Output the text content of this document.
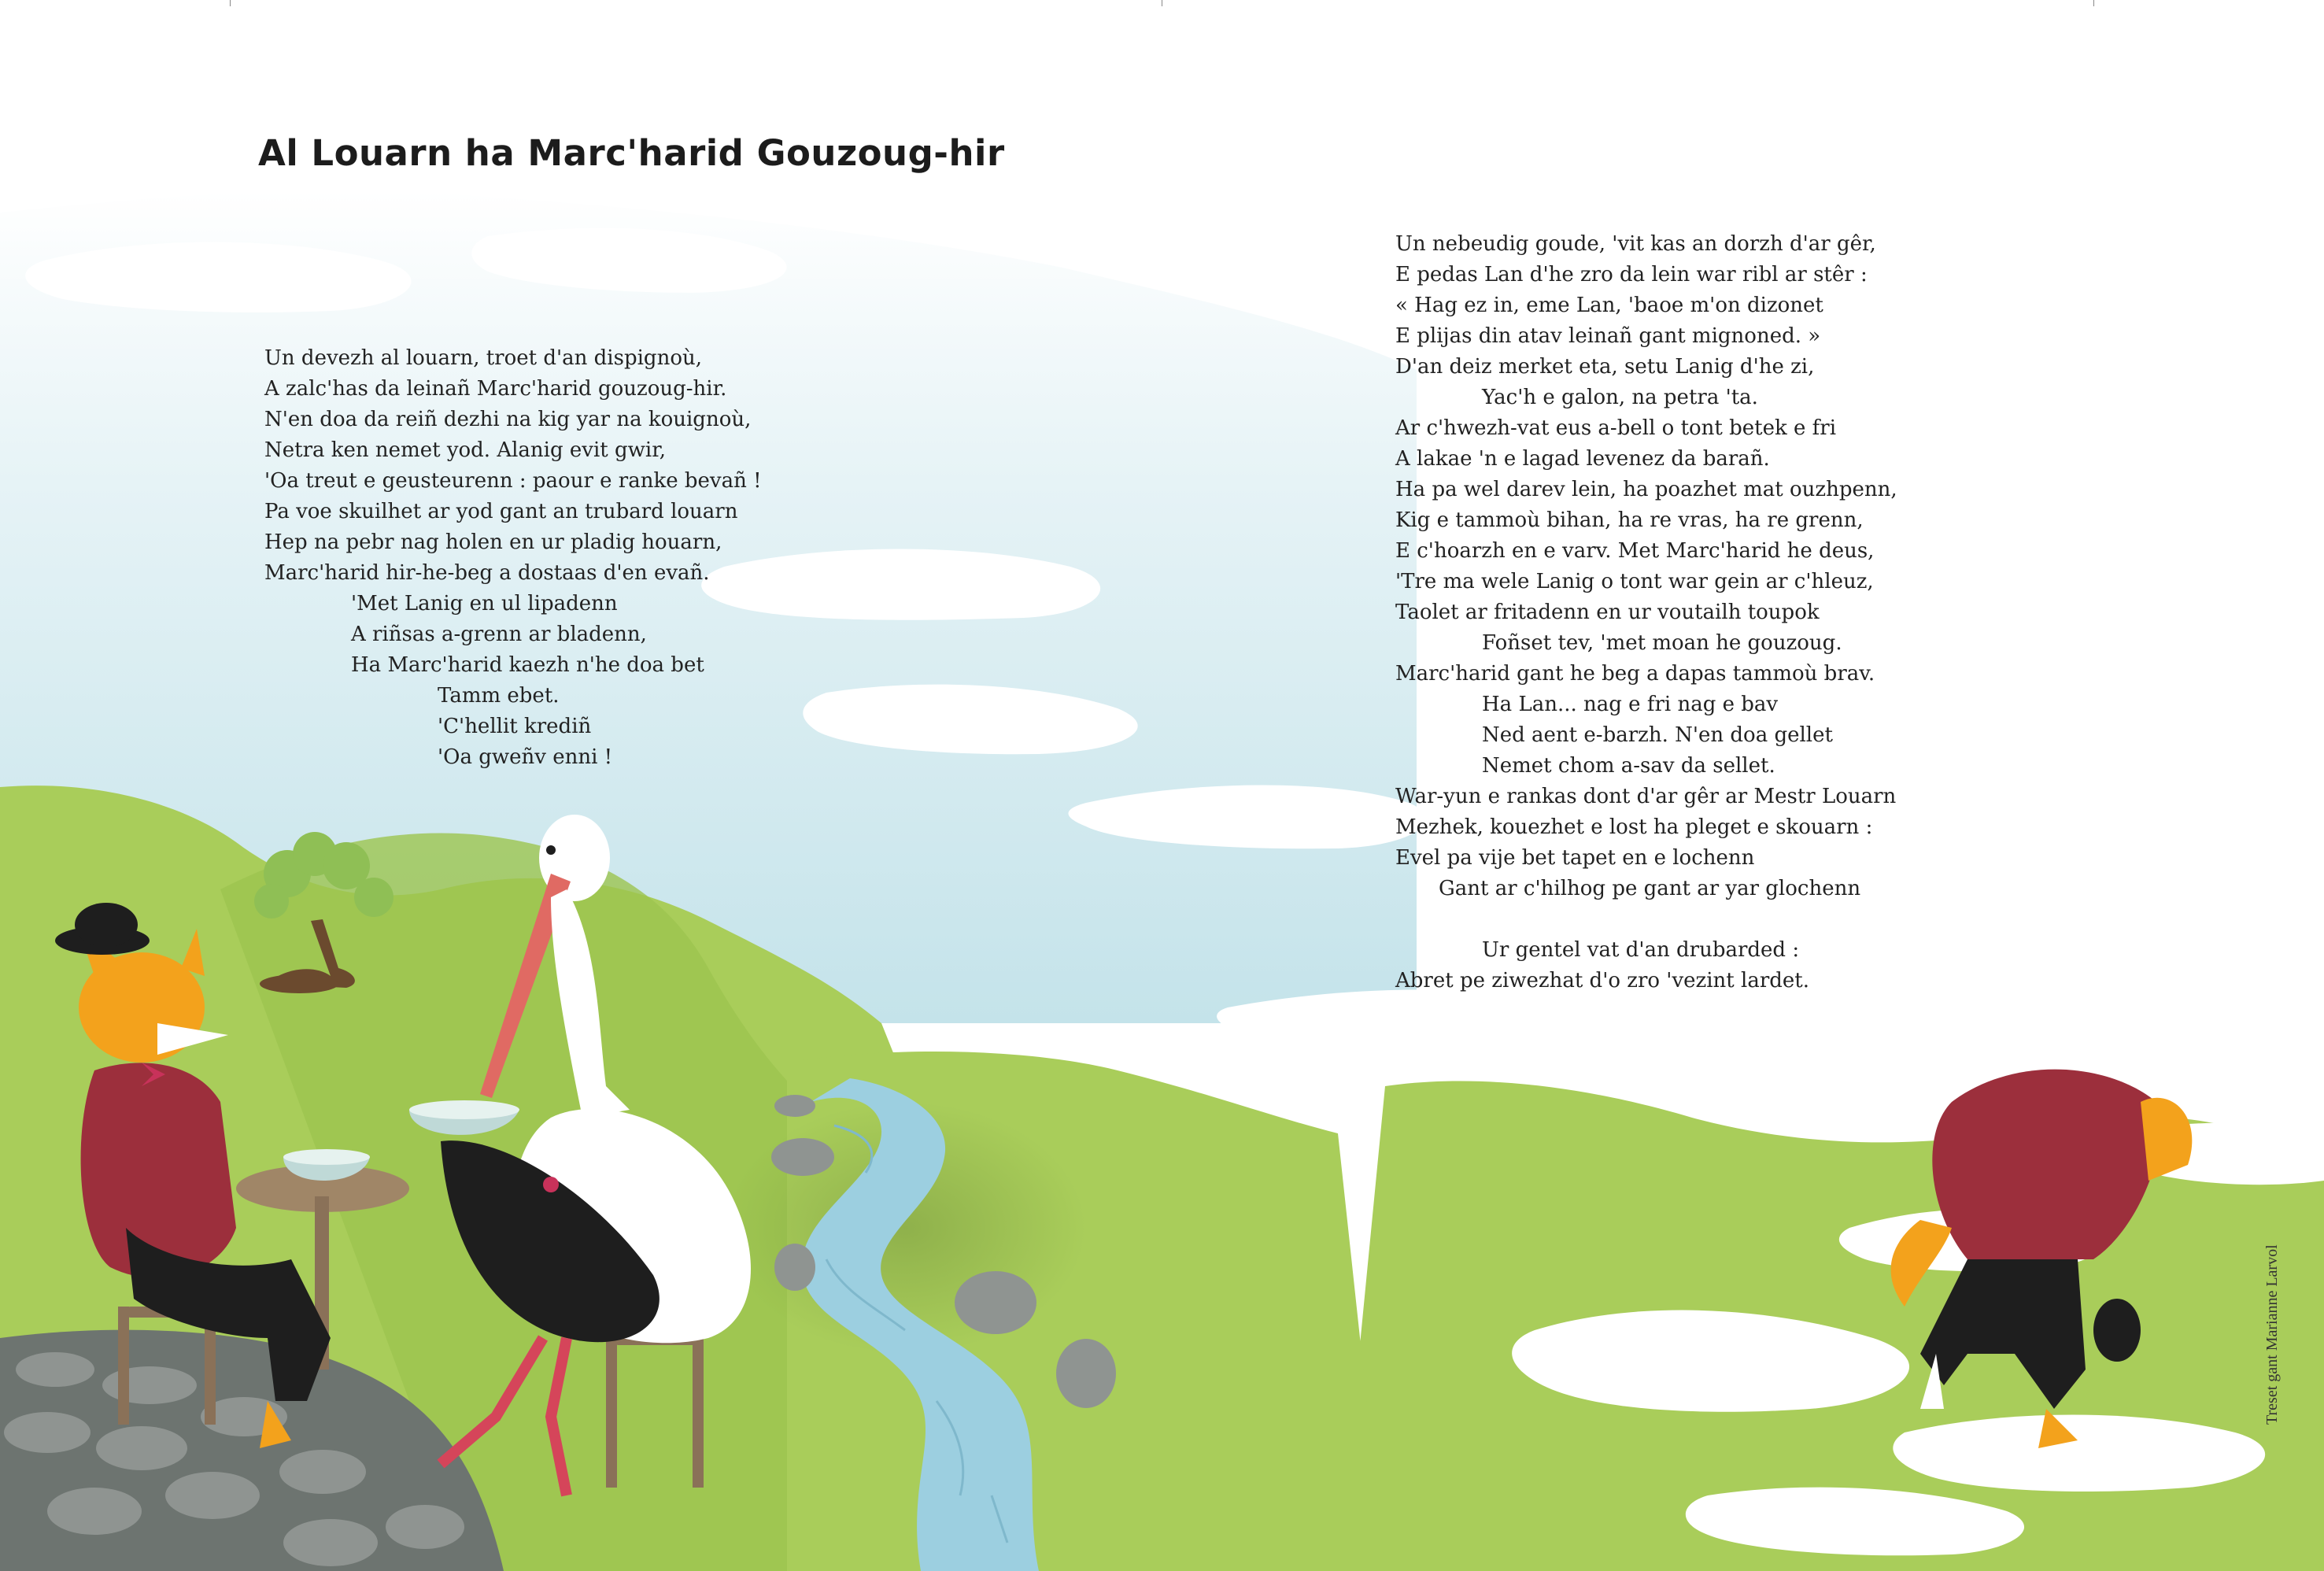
Al Louarn ha Marc'harid Gouzoug-hir
Un devezh al louarn, troet d'an dispignoù,
A zalc'has da leinañ Marc'harid gouzoug-hir.
N'en doa da reiñ dezhi na kig yar na kouignoù,
Netra ken nemet yod. Alanig evit gwir,
'Oa treut e geusteurenn : paour e ranke bevañ !
Pa voe skuilhet ar yod gant an trubard louarn
Hep na pebr nag holen en ur pladig houarn,
Marc'harid hir-he-beg a dostaas d'en evañ.
'Met Lanig en ul lipadenn
A riñsas a-grenn ar bladenn,
Ha Marc'harid kaezh n'he doa bet
Tamm ebet.
'C'hellit krediñ
'Oa gweñv enni !
Un nebeudig goude, 'vit kas an dorzh d'ar gêr,
E pedas Lan d'he zro da lein war ribl ar stêr :
« Hag ez in, eme Lan, 'baoe m'on dizonet
E plijas din atav leinañ gant mignoned. »
D'an deiz merket eta, setu Lanig d'he zi,
Yac'h e galon, na petra 'ta.
Ar c'hwezh-vat eus a-bell o tont betek e fri
A lakae 'n e lagad levenez da barañ.
Ha pa wel darev lein, ha poazhet mat ouzhpenn,
Kig e tammoù bihan, ha re vras, ha re grenn,
E c'hoarzh en e varv. Met Marc'harid he deus,
'Tre ma wele Lanig o tont war gein ar c'hleuz,
Taolet ar fritadenn en ur voutailh toupok
Foñset tev, 'met moan he gouzoug.
Marc'harid gant he beg a dapas tammoù brav.
Ha Lan... nag e fri nag e bav
Ned aent e-barzh. N'en doa gellet
Nemet chom a-sav da sellet.
War-yun e rankas dont d'ar gêr ar Mestr Louarn
Mezhek, kouezhet e lost ha pleget e skouarn :
Evel pa vije bet tapet en e lochenn
Gant ar c'hilhog pe gant ar yar glochenn
Ur gentel vat d'an drubarded :
Abret pe ziwezhat d'o zro 'vezint lardet.
Treset gant Marianne Larvol
